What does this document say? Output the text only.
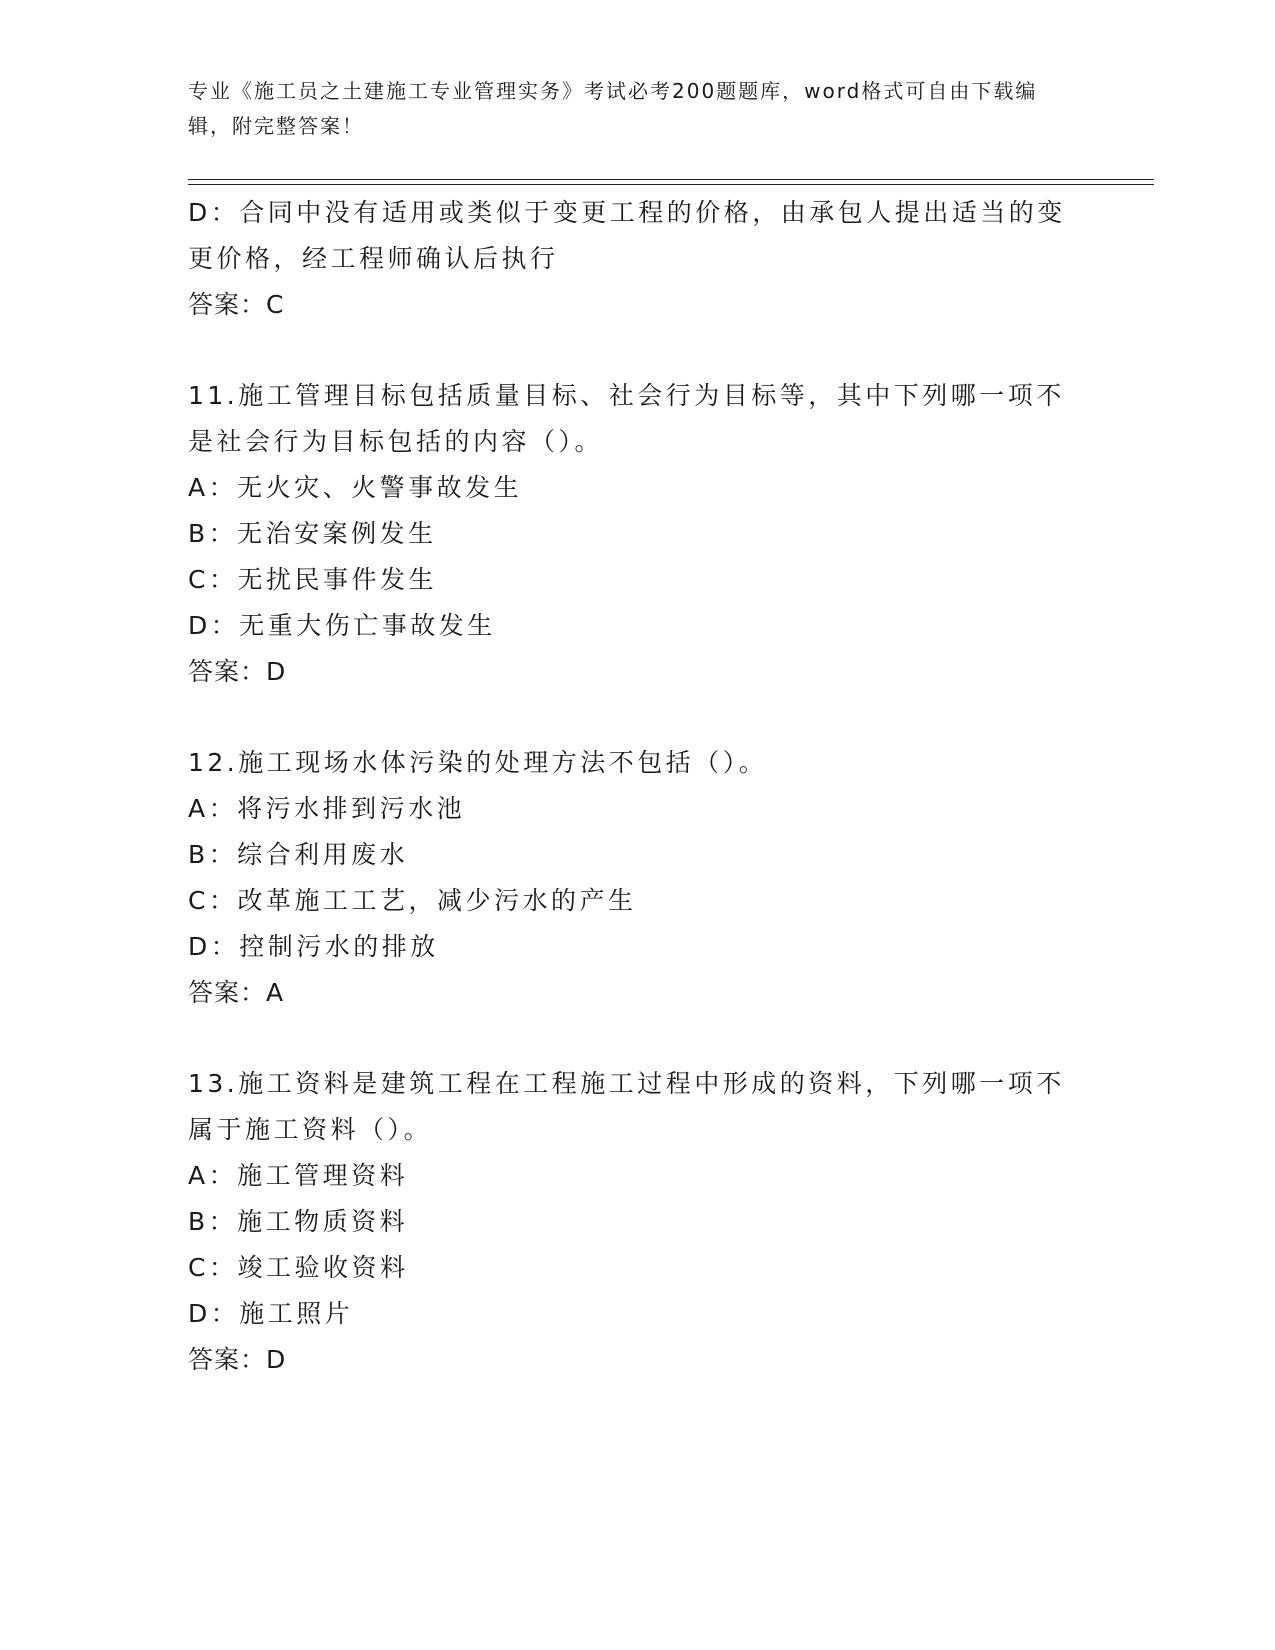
专业《施工员之土建施工专业管理实务》考试必考200题题库，word格式可自由下载编辑，附完整答案！
D：合同中没有适用或类似于变更工程的价格，由承包人提出适当的变
更价格，经工程师确认后执行
答案：C
11.施工管理目标包括质量目标、社会行为目标等，其中下列哪一项不
是社会行为目标包括的内容（）。
A：无火灾、火警事故发生
B：无治安案例发生
C：无扰民事件发生
D：无重大伤亡事故发生
答案：D
12.施工现场水体污染的处理方法不包括（）。
A：将污水排到污水池
B：综合利用废水
C：改革施工工艺，减少污水的产生
D：控制污水的排放
答案：A
13.施工资料是建筑工程在工程施工过程中形成的资料，下列哪一项不
属于施工资料（）。
A：施工管理资料
B：施工物质资料
C：竣工验收资料
D：施工照片
答案：D
